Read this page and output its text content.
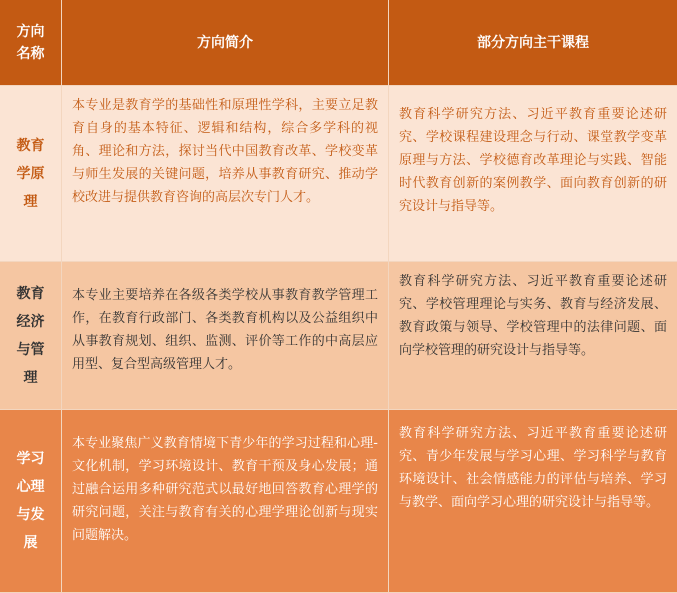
方向名称
方向简介	部分方向主干课程
教育学原理
本专业是教育学的基础性和原理性学科，主要立足教育自身的基本特征、逻辑和结构，综合多学科的视角、理论和方法，探讨当代中国教育改革、学校变革与师生发展的关键问题，培养从事教育研究、推动学校改进与提供教育咨询的高层次专门人才。
教育科学研究方法、习近平教育重要论述研究、学校课程建设理念与行动、课堂教学变革原理与方法、学校德育改革理论与实践、智能时代教育创新的案例教学、面向教育创新的研究设计与指导等。
教育经济与管理
本专业主要培养在各级各类学校从事教育教学管理工作，在教育行政部门、各类教育机构以及公益组织中从事教育规划、组织、监测、评价等工作的中高层应用型、复合型高级管理人才。
教育科学研究方法、习近平教育重要论述研究、学校管理理论与实务、教育与经济发展、教育政策与领导、学校管理中的法律问题、面向学校管理的研究设计与指导等。
学习心理与发展
本专业聚焦广义教育情境下青少年的学习过程和心理-文化机制，学习环境设计、教育干预及身心发展；通过融合运用多种研究范式以最好地回答教育心理学的研究问题，关注与教育有关的心理学理论创新与现实问题解决。
教育科学研究方法、习近平教育重要论述研究、青少年发展与学习心理、学习科学与教育环境设计、社会情感能力的评估与培养、学习与教学、面向学习心理的研究设计与指导等。
